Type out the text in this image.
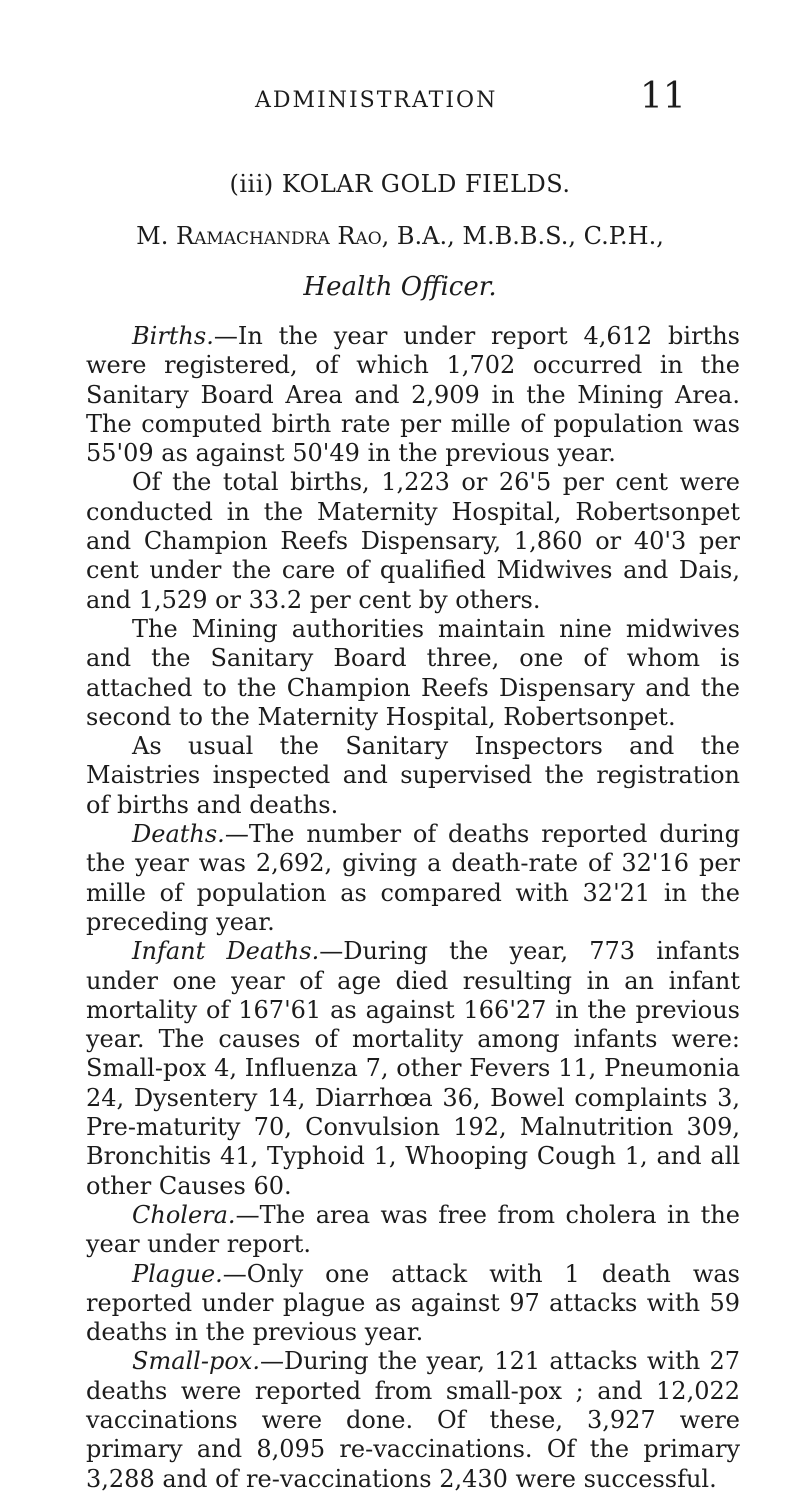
ADMINISTRATION	11
(iii) KOLAR GOLD FIELDS.
M. Ramachandra Rao, B.A., M.B.B.S., C.P.H.,
Health Officer.

Births.—In the year under report 4,612 births were registered, of which 1,702 occurred in the Sanitary Board Area and 2,909 in the Mining Area. The computed birth rate per mille of population was 55'09 as against 50'49 in the previous year.

Of the total births, 1,223 or 26'5 per cent were conducted in the Maternity Hospital, Robertsonpet and Champion Reefs Dispensary, 1,860 or 40'3 per cent under the care of qualified Midwives and Dais, and 1,529 or 33.2 per cent by others.

The Mining authorities maintain nine midwives and the Sanitary Board three, one of whom is attached to the Champion Reefs Dispensary and the second to the Maternity Hospital, Robertsonpet.

As usual the Sanitary Inspectors and the Maistries inspected and supervised the registration of births and deaths.

Deaths.—The number of deaths reported during the year was 2,692, giving a death-rate of 32'16 per mille of population as compared with 32'21 in the preceding year.

Infant Deaths.—During the year, 773 infants under one year of age died resulting in an infant mortality of 167'61 as against 166'27 in the previous year. The causes of mortality among infants were: Small-pox 4, Influenza 7, other Fevers 11, Pneumonia 24, Dysentery 14, Diarrhœa 36, Bowel complaints 3, Pre-maturity 70, Convulsion 192, Malnutrition 309, Bronchitis 41, Typhoid 1, Whooping Cough 1, and all other Causes 60.

Cholera.—The area was free from cholera in the year under report.

Plague.—Only one attack with 1 death was reported under plague as against 97 attacks with 59 deaths in the previous year.

Small-pox.—During the year, 121 attacks with 27 deaths were reported from small-pox ; and 12,022 vaccinations were done. Of these, 3,927 were primary and 8,095 re-vaccinations. Of the primary 3,288 and of re-vaccinations 2,430 were successful.
